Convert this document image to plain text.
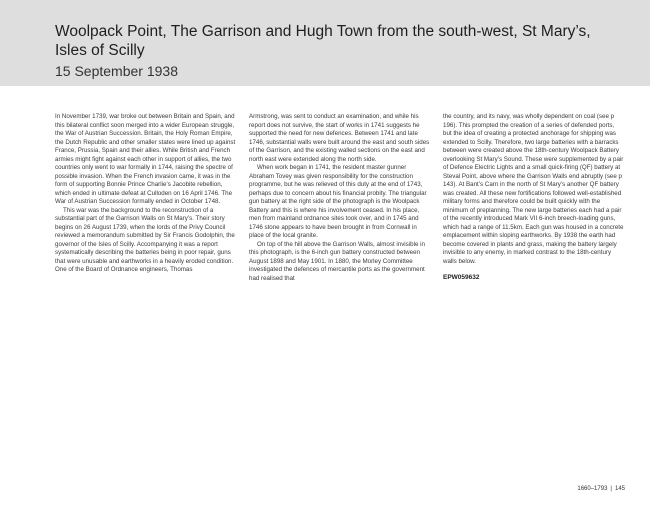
Woolpack Point, The Garrison and Hugh Town from the south-west, St Mary’s, Isles of Scilly
15 September 1938

In November 1739, war broke out between Britain and Spain, and this bilateral conflict soon merged into a wider European struggle, the War of Austrian Succession. Britain, the Holy Roman Empire, the Dutch Republic and other smaller states were lined up against France, Prussia, Spain and their allies. While British and French armies might fight against each other in support of allies, the two countries only went to war formally in 1744, raising the spectre of possible invasion. When the French invasion came, it was in the form of supporting Bonnie Prince Charlie’s Jacobite rebellion, which ended in ultimate defeat at Culloden on 16 April 1746. The War of Austrian Succession formally ended in October 1748.

This war was the background to the reconstruction of a substantial part of the Garrison Walls on St Mary’s. Their story begins on 26 August 1739, when the lords of the Privy Council reviewed a memorandum submitted by Sir Francis Godolphin, the governor of the Isles of Scilly. Accompanying it was a report systematically describing the batteries being in poor repair, guns that were unusable and earthworks in a heavily eroded condition. One of the Board of Ordnance engineers, Thomas

Armstrong, was sent to conduct an examination, and while his report does not survive, the start of works in 1741 suggests he supported the need for new defences. Between 1741 and late 1746, substantial walls were built around the east and south sides of the Garrison, and the existing walled sections on the east and north east were extended along the north side.

When work began in 1741, the resident master gunner Abraham Tovey was given responsibility for the construction programme, but he was relieved of this duty at the end of 1743, perhaps due to concern about his financial probity. The triangular gun battery at the right side of the photograph is the Woolpack Battery and this is where his involvement ceased. In his place, men from mainland ordnance sites took over, and in 1745 and 1746 stone appears to have been brought in from Cornwall in place of the local granite.

On top of the hill above the Garrison Walls, almost invisible in this photograph, is the 6-inch gun battery constructed between August 1898 and May 1901. In 1880, the Morley Committee investigated the defences of mercantile ports as the government had realised that

the country, and its navy, was wholly dependent on coal (see p 196). This prompted the creation of a series of defended ports, but the idea of creating a protected anchorage for shipping was extended to Scilly. Therefore, two large batteries with a barracks between were created above the 18th-century Woolpack Battery overlooking St Mary’s Sound. These were supplemented by a pair of Defence Electric Lights and a small quick-firing (QF) battery at Steval Point, above where the Garrison Walls end abruptly (see p 143). At Bant’s Carn in the north of St Mary’s another QF battery was created. All these new fortifications followed well-established military forms and therefore could be built quickly with the minimum of preplanning. The new large batteries each had a pair of the recently introduced Mark VII 6-inch breech-loading guns, which had a range of 11.5km. Each gun was housed in a concrete emplacement within sloping earthworks. By 1938 the earth had become covered in plants and grass, making the battery largely invisible to any enemy, in marked contrast to the 18th-century walls below.

EPW059632
1660–1793 | 145
